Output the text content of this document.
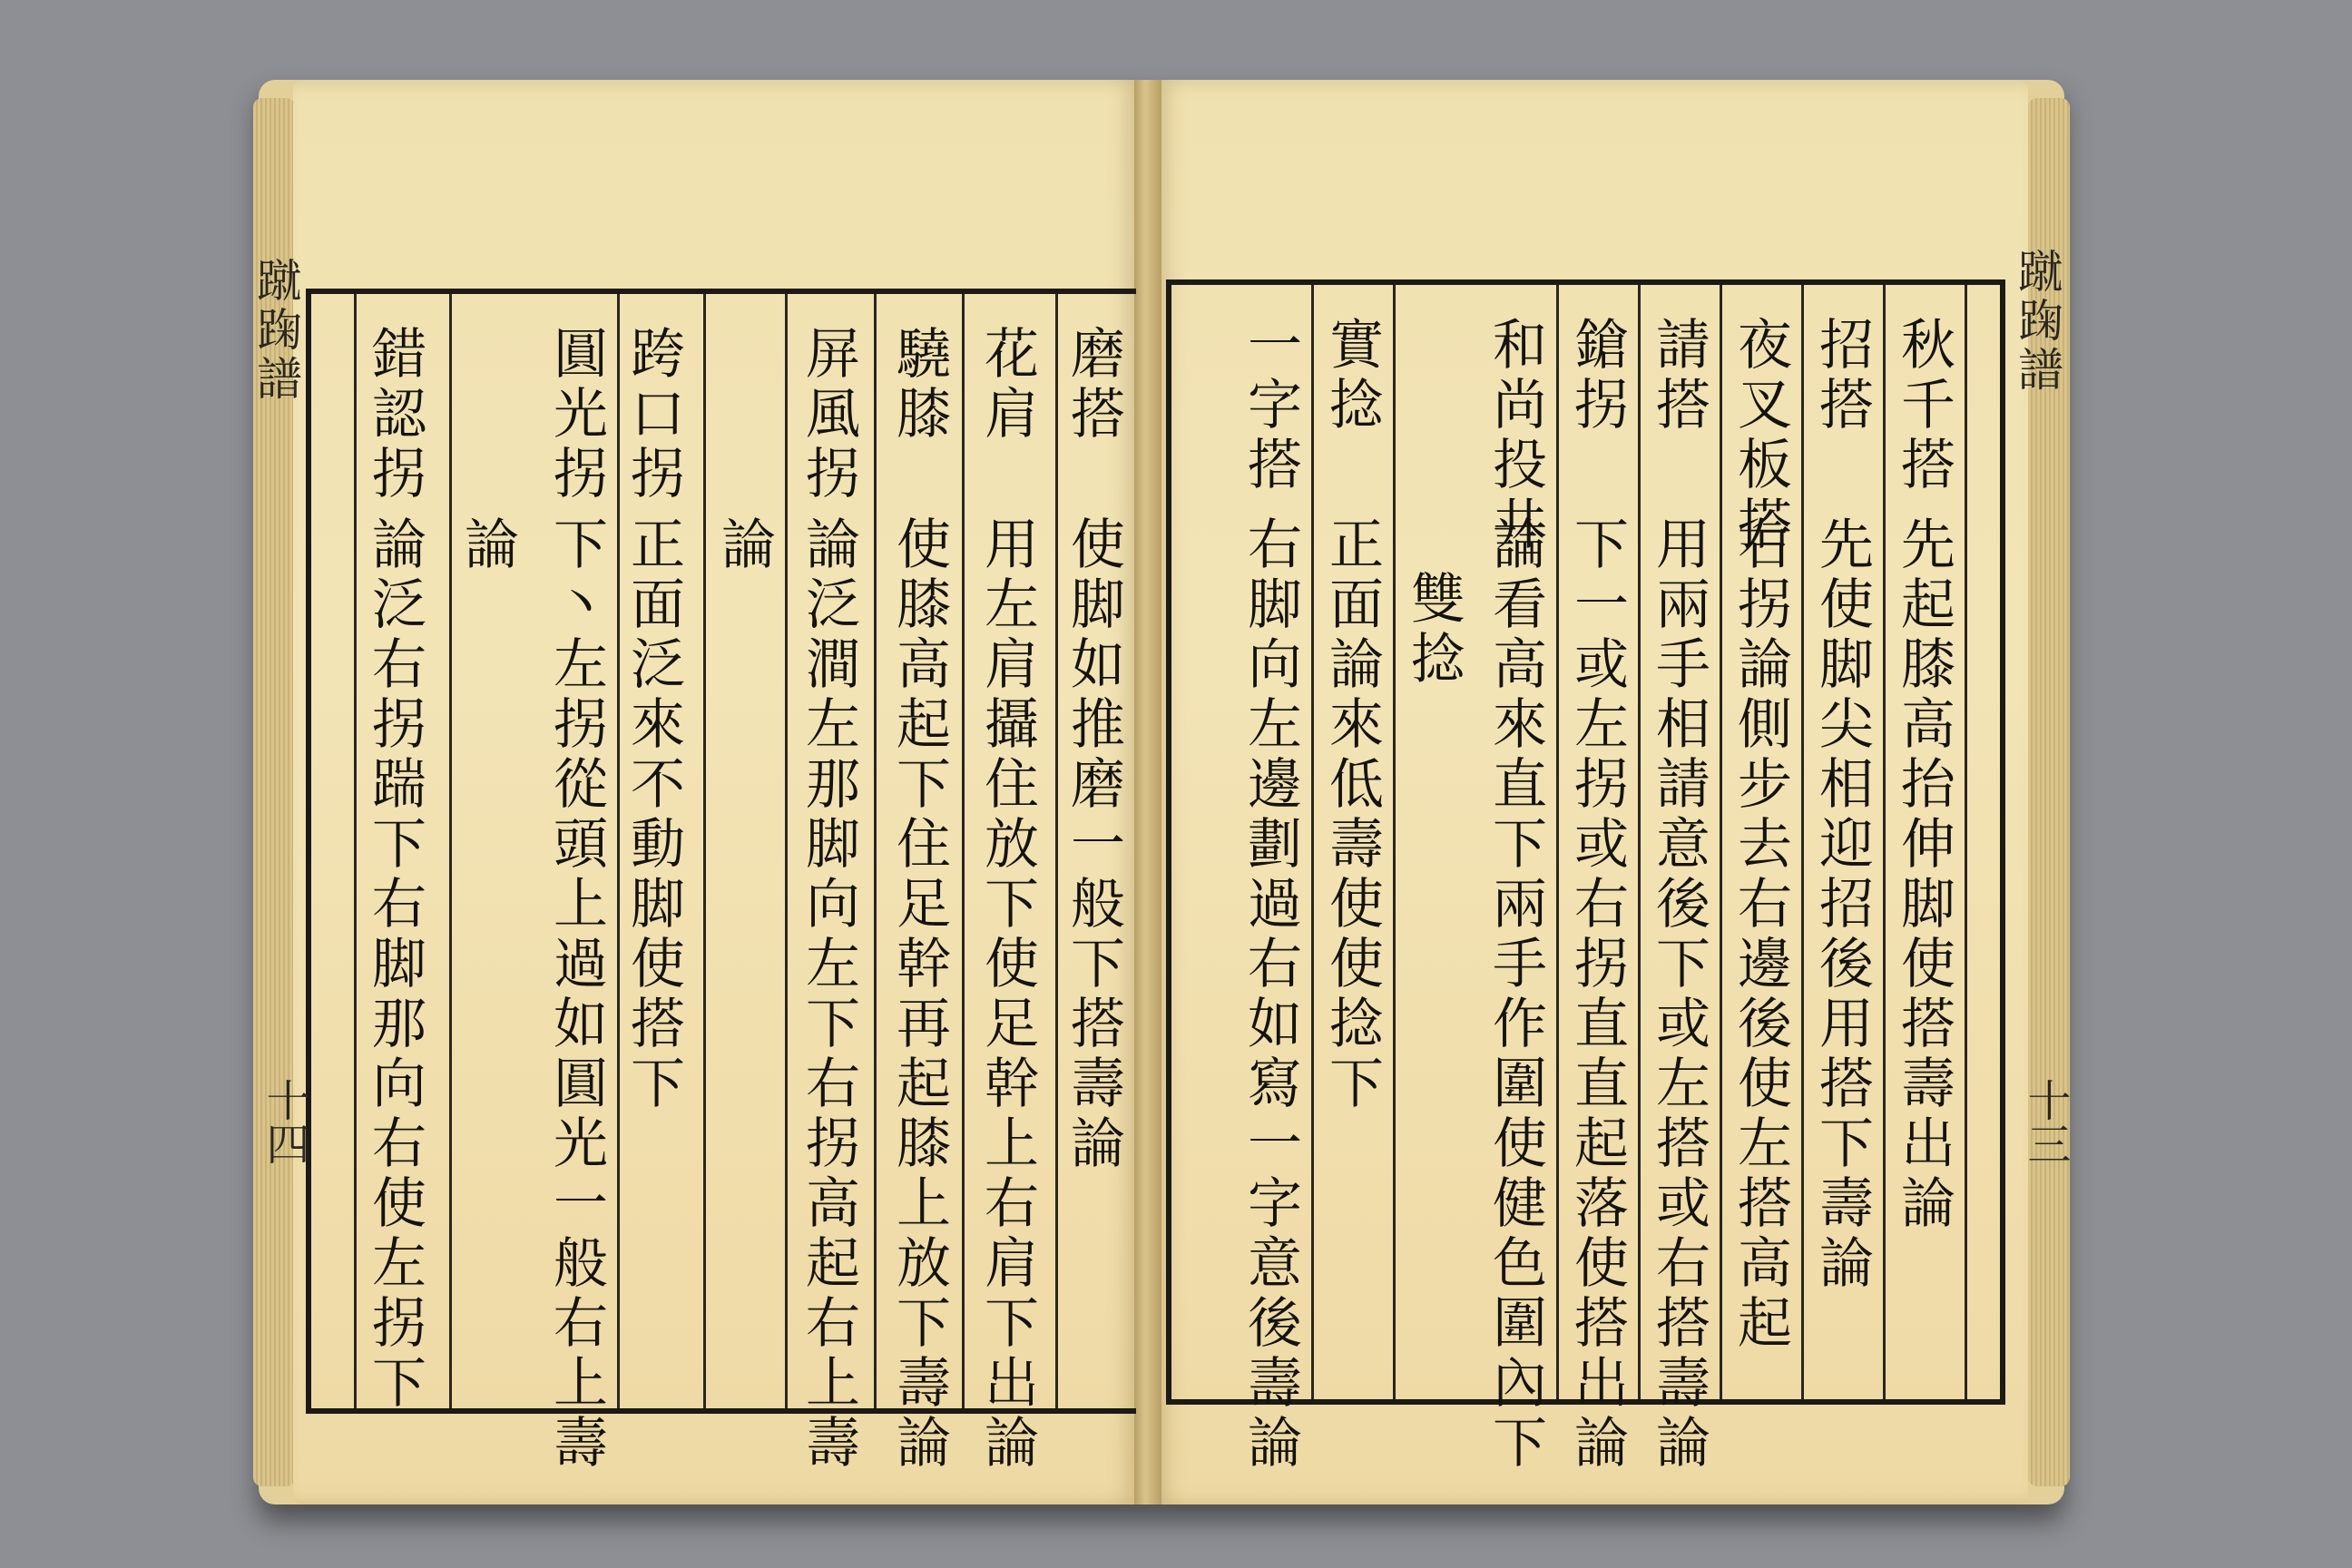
蹴踘譜
十四
蹴踘譜
十三
磨搭
使脚如推磨一般下搭壽論
花肩
用左肩攝住放下使足幹上右肩下出論
驍膝
使膝高起下住足幹再起膝上放下壽論
屏風拐
論泛澗左那脚向左下右拐高起右上壽
論
跨口拐
正面泛來不動脚使搭下
圓光拐
下丶左拐從頭上過如圓光一般右上壽
論
錯認拐
論泛右拐踹下右脚那向右使左拐下
秋千搭
先起膝高抬伸脚使搭壽出論
招搭
先使脚尖相迎招後用搭下壽論
夜叉板搭
右拐論側步去右邊後使左搭高起
請搭
用兩手相請意後下或左搭或右搭壽論
鎗拐
下一或左拐或右拐直直起落使搭出論
和尚投井
論看高來直下兩手作圍使健色圍內下
雙捻
實捻
正面論來低壽使使捻下
一字搭
右脚向左邊劃過右如寫一字意後壽論
